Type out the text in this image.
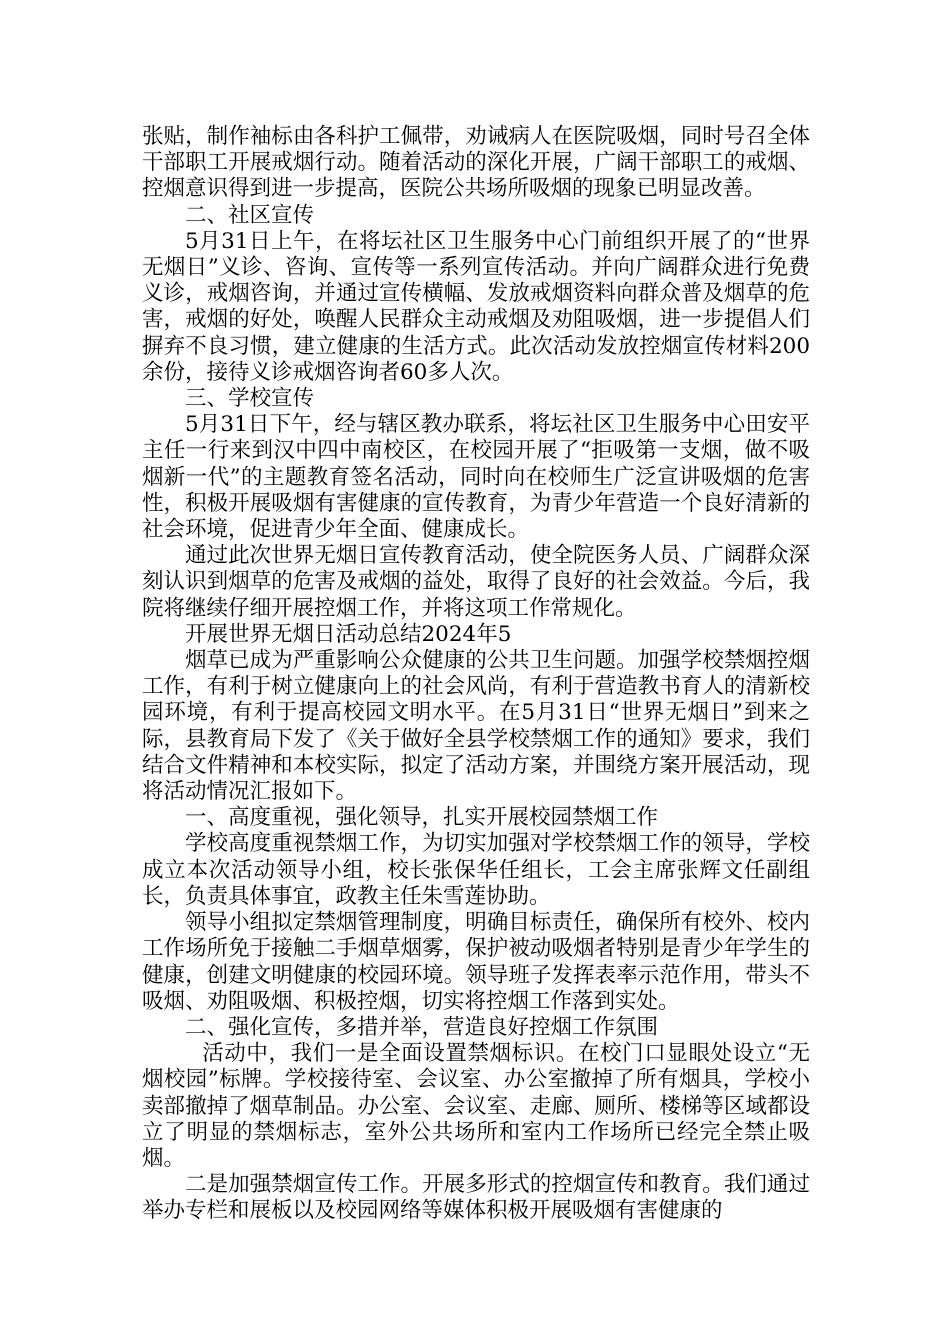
张贴，制作袖标由各科护工佩带，劝诫病人在医院吸烟，同时号召全体干部职工开展戒烟行动。随着活动的深化开展，广阔干部职工的戒烟、控烟意识得到进一步提高，医院公共场所吸烟的现象已明显改善。

二、社区宣传

5月31日上午，在将坛社区卫生服务中心门前组织开展了的“世界无烟日”义诊、咨询、宣传等一系列宣传活动。并向广阔群众进行免费义诊，戒烟咨询，并通过宣传横幅、发放戒烟资料向群众普及烟草的危害，戒烟的好处，唤醒人民群众主动戒烟及劝阻吸烟，进一步提倡人们摒弃不良习惯，建立健康的生活方式。此次活动发放控烟宣传材料200余份，接待义诊戒烟咨询者60多人次。

三、学校宣传

5月31日下午，经与辖区教办联系，将坛社区卫生服务中心田安平主任一行来到汉中四中南校区，在校园开展了“拒吸第一支烟，做不吸烟新一代”的主题教育签名活动，同时向在校师生广泛宣讲吸烟的危害性，积极开展吸烟有害健康的宣传教育，为青少年营造一个良好清新的社会环境，促进青少年全面、健康成长。

通过此次世界无烟日宣传教育活动，使全院医务人员、广阔群众深刻认识到烟草的危害及戒烟的益处，取得了良好的社会效益。今后，我院将继续仔细开展控烟工作，并将这项工作常规化。

开展世界无烟日活动总结2024年5

烟草已成为严重影响公众健康的公共卫生问题。加强学校禁烟控烟工作，有利于树立健康向上的社会风尚，有利于营造教书育人的清新校园环境，有利于提高校园文明水平。在5月31日“世界无烟日”到来之际，县教育局下发了《关于做好全县学校禁烟工作的通知》要求，我们结合文件精神和本校实际，拟定了活动方案，并围绕方案开展活动，现将活动情况汇报如下。

一、高度重视，强化领导，扎实开展校园禁烟工作

学校高度重视禁烟工作，为切实加强对学校禁烟工作的领导，学校成立本次活动领导小组，校长张保华任组长，工会主席张辉文任副组长，负责具体事宜，政教主任朱雪莲协助。

领导小组拟定禁烟管理制度，明确目标责任，确保所有校外、校内工作场所免于接触二手烟草烟雾，保护被动吸烟者特别是青少年学生的健康，创建文明健康的校园环境。领导班子发挥表率示范作用，带头不吸烟、劝阻吸烟、积极控烟，切实将控烟工作落到实处。

二、强化宣传，多措并举，营造良好控烟工作氛围

活动中，我们一是全面设置禁烟标识。在校门口显眼处设立“无烟校园”标牌。学校接待室、会议室、办公室撤掉了所有烟具，学校小卖部撤掉了烟草制品。办公室、会议室、走廊、厕所、楼梯等区域都设立了明显的禁烟标志，室外公共场所和室内工作场所已经完全禁止吸烟。

二是加强禁烟宣传工作。开展多形式的控烟宣传和教育。我们通过举办专栏和展板以及校园网络等媒体积极开展吸烟有害健康的
